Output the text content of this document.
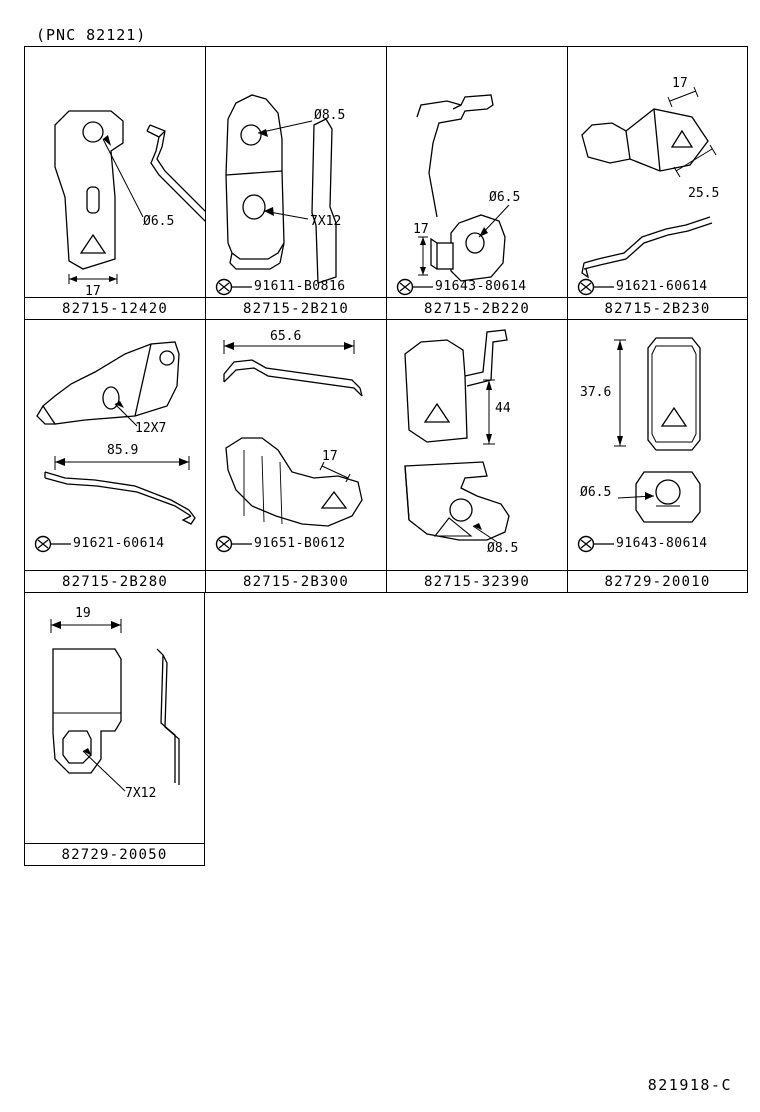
(PNC 82121)
Ø6.5
17
82715-12420
Ø8.5
7X12
91611-B0816
82715-2B210
17
Ø6.5
91643-80614
82715-2B220
17
25.5
91621-60614
82715-2B230
12X7
85.9
91621-60614
82715-2B280
65.6
17
91651-B0612
82715-2B300
44
Ø8.5
82715-32390
37.6
Ø6.5
91643-80614
82729-20010
19
7X12
82729-20050
821918-C
